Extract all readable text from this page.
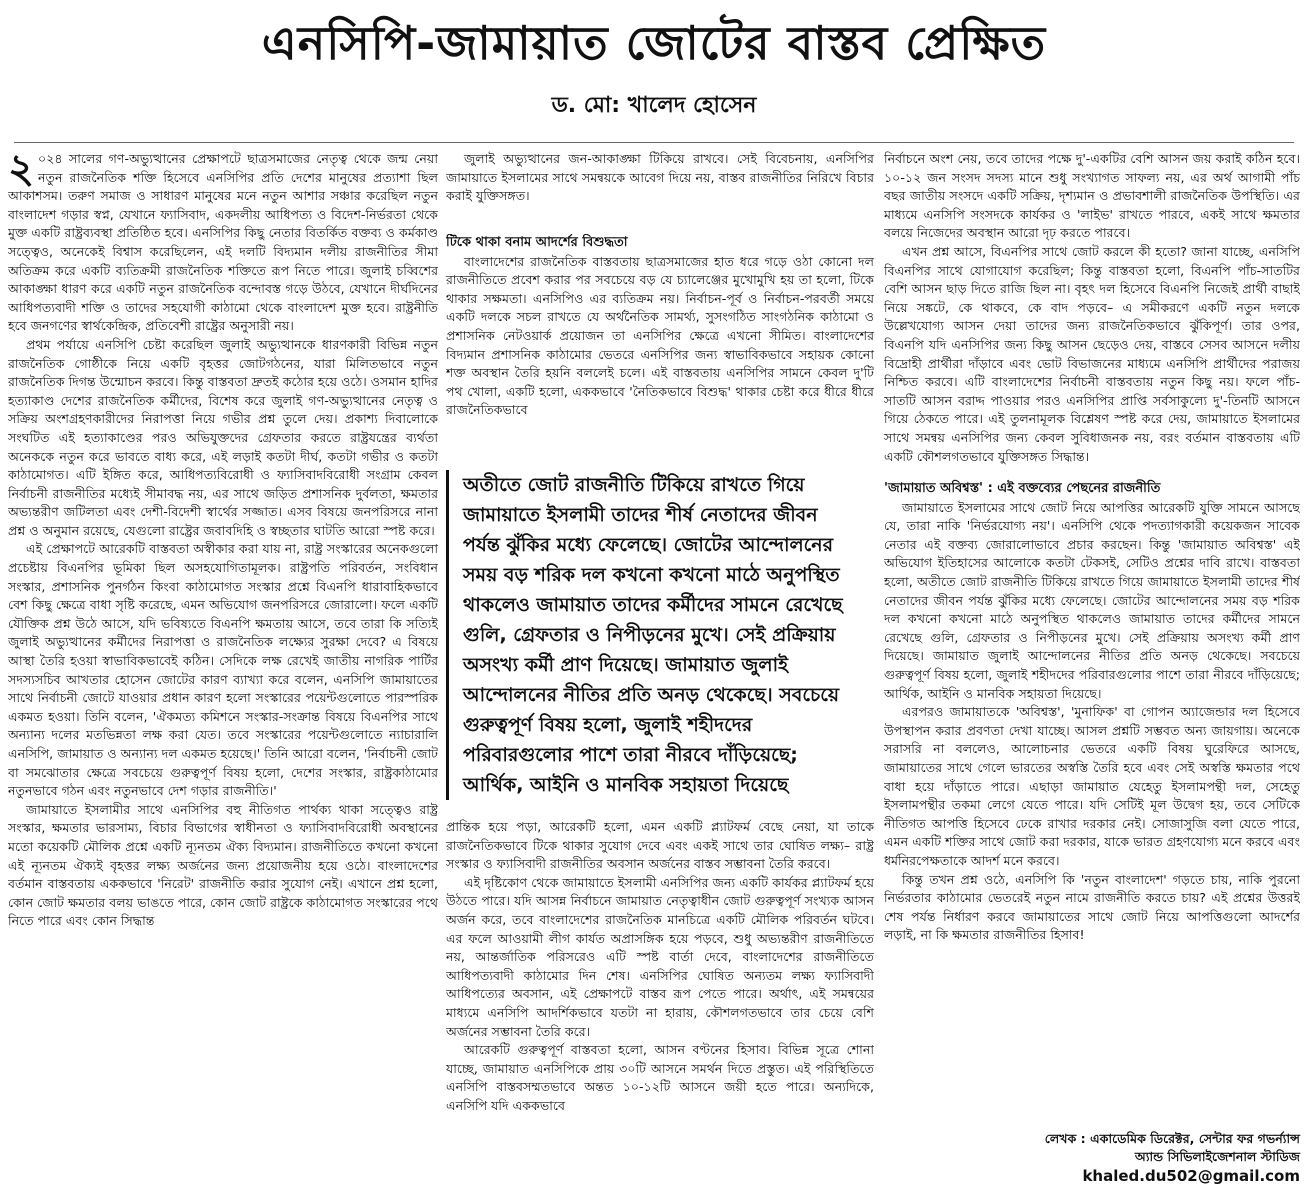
এনসিপি-জামায়াত জোটের বাস্তব প্রেক্ষিত
ড. মো: খালেদ হোসেন

২ ০২৪ সালের গণ-অভ্যুত্থানের প্রেক্ষাপটে ছাত্রসমাজের নেতৃত্ব থেকে জন্ম নেয়া নতুন রাজনৈতিক শক্তি হিসেবে এনসিপির প্রতি দেশের মানুষের প্রত্যাশা ছিল আকাশসম। তরুণ সমাজ ও সাধারণ মানুষের মনে নতুন আশার সঞ্চার করেছিল নতুন বাংলাদেশ গড়ার স্বপ্ন, যেখানে ফ্যাসিবাদ, একদলীয় আধিপত্য ও বিদেশ-নির্ভরতা থেকে মুক্ত একটি রাষ্ট্রব্যবস্থা প্রতিষ্ঠিত হবে। এনসিপির কিছু নেতার বিতর্কিত বক্তব্য ও কর্মকাণ্ড সত্ত্বেও, অনেকেই বিশ্বাস করেছিলেন, এই দলটি বিদ্যমান দলীয় রাজনীতির সীমা অতিক্রম করে একটি ব্যতিক্রমী রাজনৈতিক শক্তিতে রূপ নিতে পারে। জুলাই চব্বিশের আকাঙ্ক্ষা ধারণ করে একটি নতুন রাজনৈতিক বন্দোবস্ত গড়ে উঠবে, যেখানে দীর্ঘদিনের আধিপত্যবাদী শক্তি ও তাদের সহযোগী কাঠামো থেকে বাংলাদেশ মুক্ত হবে। রাষ্ট্রনীতি হবে জনগণের স্বার্থকেন্দ্রিক, প্রতিবেশী রাষ্ট্রের অনুসারী নয়।

প্রথম পর্যায়ে এনসিপি চেষ্টা করেছিল জুলাই অভ্যুত্থানকে ধারণকারী বিভিন্ন নতুন রাজনৈতিক গোষ্ঠীকে নিয়ে একটি বৃহত্তর জোটগঠনের, যারা মিলিতভাবে নতুন রাজনৈতিক দিগন্ত উন্মোচন করবে। কিন্তু বাস্তবতা দ্রুতই কঠোর হয়ে ওঠে। ওসমান হাদির হত্যাকাণ্ড দেশের রাজনৈতিক কর্মীদের, বিশেষ করে জুলাই গণ-অভ্যুত্থানের নেতৃত্ব ও সক্রিয় অংশগ্রহণকারীদের নিরাপত্তা নিয়ে গভীর প্রশ্ন তুলে দেয়। প্রকাশ্য দিবালোকে সংঘটিত এই হত্যাকাণ্ডের পরও অভিযুক্তদের গ্রেফতার করতে রাষ্ট্রযন্ত্রের ব্যর্থতা অনেককে নতুন করে ভাবতে বাধ্য করে, এই লড়াই কতটা দীর্ঘ, কতটা গভীর ও কতটা কাঠামোগত। এটি ইঙ্গিত করে, আধিপত্যবিরোধী ও ফ্যাসিবাদবিরোধী সংগ্রাম কেবল নির্বাচনী রাজনীতির মধ্যেই সীমাবদ্ধ নয়, এর সাথে জড়িত প্রশাসনিক দুর্বলতা, ক্ষমতার অভ্যন্তরীণ জটিলতা এবং দেশী-বিদেশী স্বার্থের সজ্জাত। এসব বিষয়ে জনপরিসরে নানা প্রশ্ন ও অনুমান রয়েছে, যেগুলো রাষ্ট্রের জবাবদিহি ও স্বচ্ছতার ঘাটতি আরো স্পষ্ট করে।

এই প্রেক্ষাপটে আরেকটি বাস্তবতা অস্বীকার করা যায় না, রাষ্ট্র সংস্কারের অনেকগুলো প্রচেষ্টায় বিএনপির ভূমিকা ছিল অসহযোগিতামূলক। রাষ্ট্রপতি পরিবর্তন, সংবিধান সংস্কার, প্রশাসনিক পুনর্গঠন কিংবা কাঠামোগত সংস্কার প্রশ্নে বিএনপি ধারাবাহিকভাবে বেশ কিছু ক্ষেত্রে বাধা সৃষ্টি করেছে, এমন অভিযোগ জনপরিসরে জোরালো। ফলে একটি যৌক্তিক প্রশ্ন উঠে আসে, যদি ভবিষ্যতে বিএনপি ক্ষমতায় আসে, তবে তারা কি সত্যিই জুলাই অভ্যুত্থানের কর্মীদের নিরাপত্তা ও রাজনৈতিক লক্ষ্যের সুরক্ষা দেবে? এ বিষয়ে আস্থা তৈরি হওয়া স্বাভাবিকভাবেই কঠিন। সেদিকে লক্ষ রেখেই জাতীয় নাগরিক পার্টির সদস্যসচিব আখতার হোসেন জোটের কারণ ব্যাখ্যা করে বলেন, এনসিপি জামায়াতের সাথে নির্বাচনী জোটে যাওয়ার প্রধান কারণ হলো সংস্কারের পয়েন্টগুলোতে পারস্পরিক একমত হওয়া। তিনি বলেন, 'ঐকমত্য কমিশনে সংস্কার-সংক্রান্ত বিষয়ে বিএনপির সাথে অন্যান্য দলের মতভিন্নতা লক্ষ করা যেত। তবে সংস্কারের পয়েন্টগুলোতে ন্যাচারালি এনসিপি, জামায়াত ও অন্যান্য দল একমত হয়েছে।' তিনি আরো বলেন, 'নির্বাচনী জোট বা সমঝোতার ক্ষেত্রে সবচেয়ে গুরুত্বপূর্ণ বিষয় হলো, দেশের সংস্কার, রাষ্ট্রকাঠামোর নতুনভাবে গঠন এবং নতুনভাবে দেশ গড়ার রাজনীতি।'

জামায়াতে ইসলামীর সাথে এনসিপির বহু নীতিগত পার্থক্য থাকা সত্ত্বেও রাষ্ট্র সংস্কার, ক্ষমতার ভারসাম্য, বিচার বিভাগের স্বাধীনতা ও ফ্যাসিবাদবিরোধী অবস্থানের মতো কয়েকটি মৌলিক প্রশ্নে একটি ন্যূনতম ঐক্য বিদ্যমান। রাজনীতিতে কখনো কখনো এই ন্যূনতম ঐক্যই বৃহত্তর লক্ষ্য অর্জনের জন্য প্রয়োজনীয় হয়ে ওঠে। বাংলাদেশের বর্তমান বাস্তবতায় এককভাবে 'নিরেট' রাজনীতি করার সুযোগ নেই। এখানে প্রশ্ন হলো, কোন জোট ক্ষমতার বলয় ভাঙতে পারে, কোন জোট রাষ্ট্রকে কাঠামোগত সংস্কারের পথে নিতে পারে এবং কোন সিদ্ধান্ত

জুলাই অভ্যুত্থানের জন-আকাঙ্ক্ষা টিকিয়ে রাখবে। সেই বিবেচনায়, এনসিপির জামায়াতে ইসলামের সাথে সমন্বয়কে আবেগ দিয়ে নয়, বাস্তব রাজনীতির নিরিখে বিচার করাই যুক্তিসঙ্গত।

টিকে থাকা বনাম আদর্শের বিশুদ্ধতা

বাংলাদেশের রাজনৈতিক বাস্তবতায় ছাত্রসমাজের হাত ধরে গড়ে ওঠা কোনো দল রাজনীতিতে প্রবেশ করার পর সবচেয়ে বড় যে চ্যালেঞ্জের মুখোমুখি হয় তা হলো, টিকে থাকার সক্ষমতা। এনসিপিও এর ব্যতিক্রম নয়। নির্বাচন-পূর্ব ও নির্বাচন-পরবর্তী সময়ে একটি দলকে সচল রাখতে যে অর্থনৈতিক সামর্থ্য, সুসংগঠিত সাংগঠনিক কাঠামো ও প্রশাসনিক নেটওয়ার্ক প্রয়োজন তা এনসিপির ক্ষেত্রে এখনো সীমিত। বাংলাদেশের বিদ্যমান প্রশাসনিক কাঠামোর ভেতরে এনসিপির জন্য স্বাভাবিকভাবে সহায়ক কোনো শক্ত অবস্থান তৈরি হয়নি বললেই চলে। এই বাস্তবতায় এনসিপির সামনে কেবল দু'টি পথ খোলা, একটি হলো, এককভাবে 'নৈতিকভাবে বিশুদ্ধ' থাকার চেষ্টা করে ধীরে ধীরে রাজনৈতিকভাবে

অতীতে জোট রাজনীতি টিকিয়ে রাখতে গিয়ে জামায়াতে ইসলামী তাদের শীর্ষ নেতাদের জীবন পর্যন্ত ঝুঁকির মধ্যে ফেলেছে। জোটের আন্দোলনের সময় বড় শরিক দল কখনো কখনো মাঠে অনুপস্থিত থাকলেও জামায়াত তাদের কর্মীদের সামনে রেখেছে গুলি, গ্রেফতার ও নিপীড়নের মুখে। সেই প্রক্রিয়ায় অসংখ্য কর্মী প্রাণ দিয়েছে। জামায়াত জুলাই আন্দোলনের নীতির প্রতি অনড় থেকেছে। সবচেয়ে গুরুত্বপূর্ণ বিষয় হলো, জুলাই শহীদদের পরিবারগুলোর পাশে তারা নীরবে দাঁড়িয়েছে; আর্থিক, আইনি ও মানবিক সহায়তা দিয়েছে

প্রান্তিক হয়ে পড়া, আরেকটি হলো, এমন একটি প্ল্যাটফর্ম বেছে নেয়া, যা তাকে রাজনৈতিকভাবে টিকে থাকার সুযোগ দেবে এবং একই সাথে তার ঘোষিত লক্ষ্য– রাষ্ট্র সংস্কার ও ফ্যাসিবাদী রাজনীতির অবসান অর্জনের বাস্তব সম্ভাবনা তৈরি করবে।

এই দৃষ্টিকোণ থেকে জামায়াতে ইসলামী এনসিপির জন্য একটি কার্যকর প্ল্যাটফর্ম হয়ে উঠতে পারে। যদি আসন্ন নির্বাচনে জামায়াত নেতৃত্বাধীন জোট গুরুত্বপূর্ণ সংখ্যক আসন অর্জন করে, তবে বাংলাদেশের রাজনৈতিক মানচিত্রে একটি মৌলিক পরিবর্তন ঘটবে। এর ফলে আওয়ামী লীগ কার্যত অপ্রাসঙ্গিক হয়ে পড়বে, শুধু অভ্যন্তরীণ রাজনীতিতে নয়, আন্তর্জাতিক পরিসরেও এটি স্পষ্ট বার্তা দেবে, বাংলাদেশের রাজনীতিতে আধিপত্যবাদী কাঠামোর দিন শেষ। এনসিপির ঘোষিত অন্যতম লক্ষ্য ফ্যাসিবাদী আধিপত্যের অবসান, এই প্রেক্ষাপটে বাস্তব রূপ পেতে পারে। অর্থাৎ, এই সমন্বয়ের মাধ্যমে এনসিপি আদর্শিকভাবে যতটা না হারায়, কৌশলগতভাবে তার চেয়ে বেশি অর্জনের সম্ভাবনা তৈরি করে।

আরেকটি গুরুত্বপূর্ণ বাস্তবতা হলো, আসন বণ্টনের হিসাব। বিভিন্ন সূত্রে শোনা যাচ্ছে, জামায়াত এনসিপিকে প্রায় ৩০টি আসনে সমর্থন দিতে প্রস্তুত। এই পরিস্থিতিতে এনসিপি বাস্তবসম্মতভাবে অন্তত ১০-১২টি আসনে জয়ী হতে পারে। অন্যদিকে, এনসিপি যদি এককভাবে

নির্বাচনে অংশ নেয়, তবে তাদের পক্ষে দু'-একটির বেশি আসন জয় করাই কঠিন হবে। ১০-১২ জন সংসদ সদস্য মানে শুধু সংখ্যাগত সাফল্য নয়, এর অর্থ আগামী পাঁচ বছর জাতীয় সংসদে একটি সক্রিয়, দৃশ্যমান ও প্রভাবশালী রাজনৈতিক উপস্থিতি। এর মাধ্যমে এনসিপি সংসদকে কার্যকর ও 'লাইভ' রাখতে পারবে, একই সাথে ক্ষমতার বলয়ে নিজেদের অবস্থান আরো দৃঢ় করতে পারবে।

এখন প্রশ্ন আসে, বিএনপির সাথে জোট করলে কী হতো? জানা যাচ্ছে, এনসিপি বিএনপির সাথে যোগাযোগ করেছিল; কিন্তু বাস্তবতা হলো, বিএনপি পাঁচ-সাতটির বেশি আসন ছাড় দিতে রাজি ছিল না। বৃহৎ দল হিসেবে বিএনপি নিজেই প্রার্থী বাছাই নিয়ে সঙ্কটে, কে থাকবে, কে বাদ পড়বে– এ সমীকরণে একটি নতুন দলকে উল্লেখযোগ্য আসন দেয়া তাদের জন্য রাজনৈতিকভাবে ঝুঁকিপূর্ণ। তার ওপর, বিএনপি যদি এনসিপির জন্য কিছু আসন ছেড়েও দেয়, বাস্তবে সেসব আসনে দলীয় বিদ্রোহী প্রার্থীরা দাঁড়াবে এবং ভোট বিভাজনের মাধ্যমে এনসিপি প্রার্থীদের পরাজয় নিশ্চিত করবে। এটি বাংলাদেশের নির্বাচনী বাস্তবতায় নতুন কিছু নয়। ফলে পাঁচ-সাতটি আসন বরাদ্দ পাওয়ার পরও এনসিপির প্রাপ্তি সর্বসাকুল্যে দু'-তিনটি আসনে গিয়ে ঠেকতে পারে। এই তুলনামূলক বিশ্লেষণ স্পষ্ট করে দেয়, জামায়াতে ইসলামের সাথে সমন্বয় এনসিপির জন্য কেবল সুবিধাজনক নয়, বরং বর্তমান বাস্তবতায় এটি একটি কৌশলগতভাবে যুক্তিসঙ্গত সিদ্ধান্ত।

'জামায়াত অবিশ্বস্ত' : এই বক্তব্যের পেছনের রাজনীতি

জামায়াতে ইসলামের সাথে জোট নিয়ে আপত্তির আরেকটি যুক্তি সামনে আসছে যে, তারা নাকি 'নির্ভরযোগ্য নয়'। এনসিপি থেকে পদত্যাগকারী কয়েকজন সাবেক নেতার এই বক্তব্য জোরালোভাবে প্রচার করছেন। কিন্তু 'জামায়াত অবিশ্বস্ত' এই অভিযোগ ইতিহাসের আলোকে কতটা টেকসই, সেটিও প্রশ্নের দাবি রাখে। বাস্তবতা হলো, অতীতে জোট রাজনীতি টিকিয়ে রাখতে গিয়ে জামায়াতে ইসলামী তাদের শীর্ষ নেতাদের জীবন পর্যন্ত ঝুঁকির মধ্যে ফেলেছে। জোটের আন্দোলনের সময় বড় শরিক দল কখনো কখনো মাঠে অনুপস্থিত থাকলেও জামায়াত তাদের কর্মীদের সামনে রেখেছে গুলি, গ্রেফতার ও নিপীড়নের মুখে। সেই প্রক্রিয়ায় অসংখ্য কর্মী প্রাণ দিয়েছে। জামায়াত জুলাই আন্দোলনের নীতির প্রতি অনড় থেকেছে। সবচেয়ে গুরুত্বপূর্ণ বিষয় হলো, জুলাই শহীদদের পরিবারগুলোর পাশে তারা নীরবে দাঁড়িয়েছে; আর্থিক, আইনি ও মানবিক সহায়তা দিয়েছে।

এরপরও জামায়াতকে 'অবিশ্বস্ত', 'মুনাফিক' বা গোপন অ্যাজেন্ডার দল হিসেবে উপস্থাপন করার প্রবণতা দেখা যাচ্ছে। আসল প্রশ্নটি সম্ভবত অন্য জায়গায়। অনেকে সরাসরি না বললেও, আলোচনার ভেতরে একটি বিষয় ঘুরেফিরে আসছে, জামায়াতের সাথে গেলে ভারতের অস্বস্তি তৈরি হবে এবং সেই অস্বস্তি ক্ষমতার পথে বাধা হয়ে দাঁড়াতে পারে। এছাড়া জামায়াত যেহেতু ইসলামপন্থী দল, সেহেতু ইসলামপন্থীর তকমা লেগে যেতে পারে। যদি সেটিই মূল উদ্বেগ হয়, তবে সেটিকে নীতিগত আপত্তি হিসেবে ঢেকে রাখার দরকার নেই। সোজাসুজি বলা যেতে পারে, এমন একটি শক্তির সাথে জোট করা দরকার, যাকে ভারত গ্রহণযোগ্য মনে করবে এবং ধর্মনিরপেক্ষতাকে আদর্শ মনে করবে।

কিন্তু তখন প্রশ্ন ওঠে, এনসিপি কি 'নতুন বাংলাদেশ' গড়তে চায়, নাকি পুরনো নির্ভরতার কাঠামোর ভেতরেই নতুন নামে রাজনীতি করতে চায়? এই প্রশ্নের উত্তরই শেষ পর্যন্ত নির্ধারণ করবে জামায়াতের সাথে জোট নিয়ে আপত্তিগুলো আদর্শের লড়াই, না কি ক্ষমতার রাজনীতির হিসাব!

লেখক : একাডেমিক ডিরেক্টর, সেন্টার ফর গভর্ন্যান্স
অ্যান্ড সিভিলাইজেশনাল স্টাডিজ
khaled.du502@gmail.com
